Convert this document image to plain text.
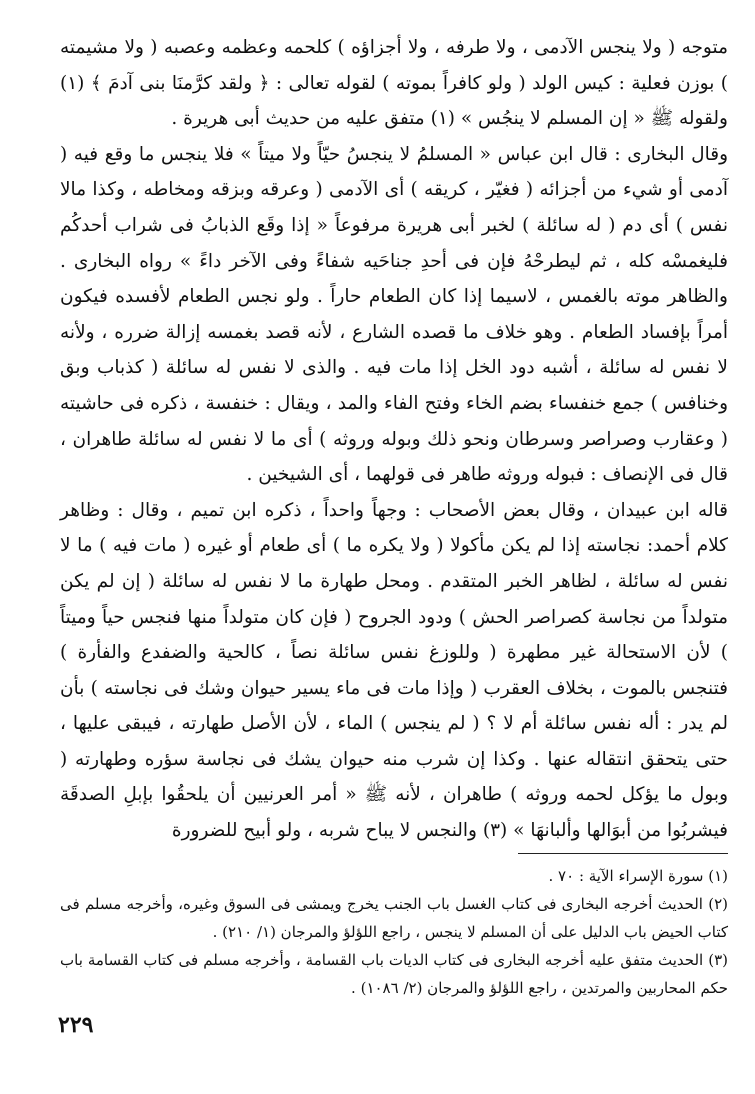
متوجه ( ولا ينجس الآدمى ، ولا طرفه ، ولا أجزاؤه ) كلحمه وعظمه وعصبه ( ولا مشيمته ) بوزن فعلية : كيس الولد ( ولو كافراً بموته ) لقوله تعالى : ﴿ ولقد كرَّمنَا بنى آدمَ ﴾ (١) ولقوله ﷺ « إن المسلم لا ينجُس » (١) متفق عليه من حديث أبى هريرة .

وقال البخارى : قال ابن عباس « المسلمُ لا ينجسُ حيّاً ولا ميتاً » فلا ينجس ما وقع فيه ( آدمى أو شيء من أجزائه ( فغيّر ، كريقه ) أى الآدمى ( وعرقه وبزقه ومخاطه ، وكذا مالا نفس ) أى دم ( له سائلة ) لخبر أبى هريرة مرفوعاً « إذا وقَع الذبابُ فى شراب أحدكُم فليغمسْه كله ، ثم ليطرحْهُ فإن فى أحدِ جناحَيه شفاءً وفى الآخر داءً » رواه البخارى . والظاهر موته بالغمس ، لاسيما إذا كان الطعام حاراً . ولو نجس الطعام لأفسده فيكون أمراً بإفساد الطعام . وهو خلاف ما قصده الشارع ، لأنه قصد بغمسه إزالة ضرره ، ولأنه لا نفس له سائلة ، أشبه دود الخل إذا مات فيه . والذى لا نفس له سائلة ( كذباب وبق وخنافس ) جمع خنفساء بضم الخاء وفتح الفاء والمد ، ويقال : خنفسة ، ذكره فى حاشيته ( وعقارب وصراصر وسرطان ونحو ذلك وبوله وروثه ) أى ما لا نفس له سائلة طاهران ، قال فى الإنصاف : فبوله وروثه طاهر فى قولهما ، أى الشيخين .

قاله ابن عبيدان ، وقال بعض الأصحاب : وجهاً واحداً ، ذكره ابن تميم ، وقال : وظاهر كلام أحمد: نجاسته إذا لم يكن مأكولا ( ولا يكره ما ) أى طعام أو غيره ( مات فيه ) ما لا نفس له سائلة ، لظاهر الخبر المتقدم . ومحل طهارة ما لا نفس له سائلة ( إن لم يكن متولداً من نجاسة كصراصر الحش ) ودود الجروح ( فإن كان متولداً منها فنجس حياً وميتاً ) لأن الاستحالة غير مطهرة ( وللوزغ نفس سائلة نصاً ، كالحية والضفدع والفأرة ) فتنجس بالموت ، بخلاف العقرب ( وإذا مات فى ماء يسير حيوان وشك فى نجاسته ) بأن لم يدر : أله نفس سائلة أم لا ؟ ( لم ينجس ) الماء ، لأن الأصل طهارته ، فيبقى عليها ، حتى يتحقق انتقاله عنها . وكذا إن شرب منه حيوان يشك فى نجاسة سؤره وطهارته ( وبول ما يؤكل لحمه وروثه ) طاهران ، لأنه ﷺ « أمر العرنيين أن يلحقُوا بإبلِ الصدقَة فيشربُوا من أبوَالها وألبانهَا » (٣) والنجس لا يباح شربه ، ولو أبيح للضرورة

(١) سورة الإسراء الآية : ٧٠ .

(٢) الحديث أخرجه البخارى فى كتاب الغسل باب الجنب يخرج ويمشى فى السوق وغيره، وأخرجه مسلم فى كتاب الحيض باب الدليل على أن المسلم لا ينجس ، راجع اللؤلؤ والمرجان (١/ ٢١٠) .

(٣) الحديث متفق عليه أخرجه البخارى فى كتاب الديات باب القسامة ، وأخرجه مسلم فى كتاب القسامة باب حكم المحاربين والمرتدين ، راجع اللؤلؤ والمرجان (٢/ ١٠٨٦) .

٢٢٩
